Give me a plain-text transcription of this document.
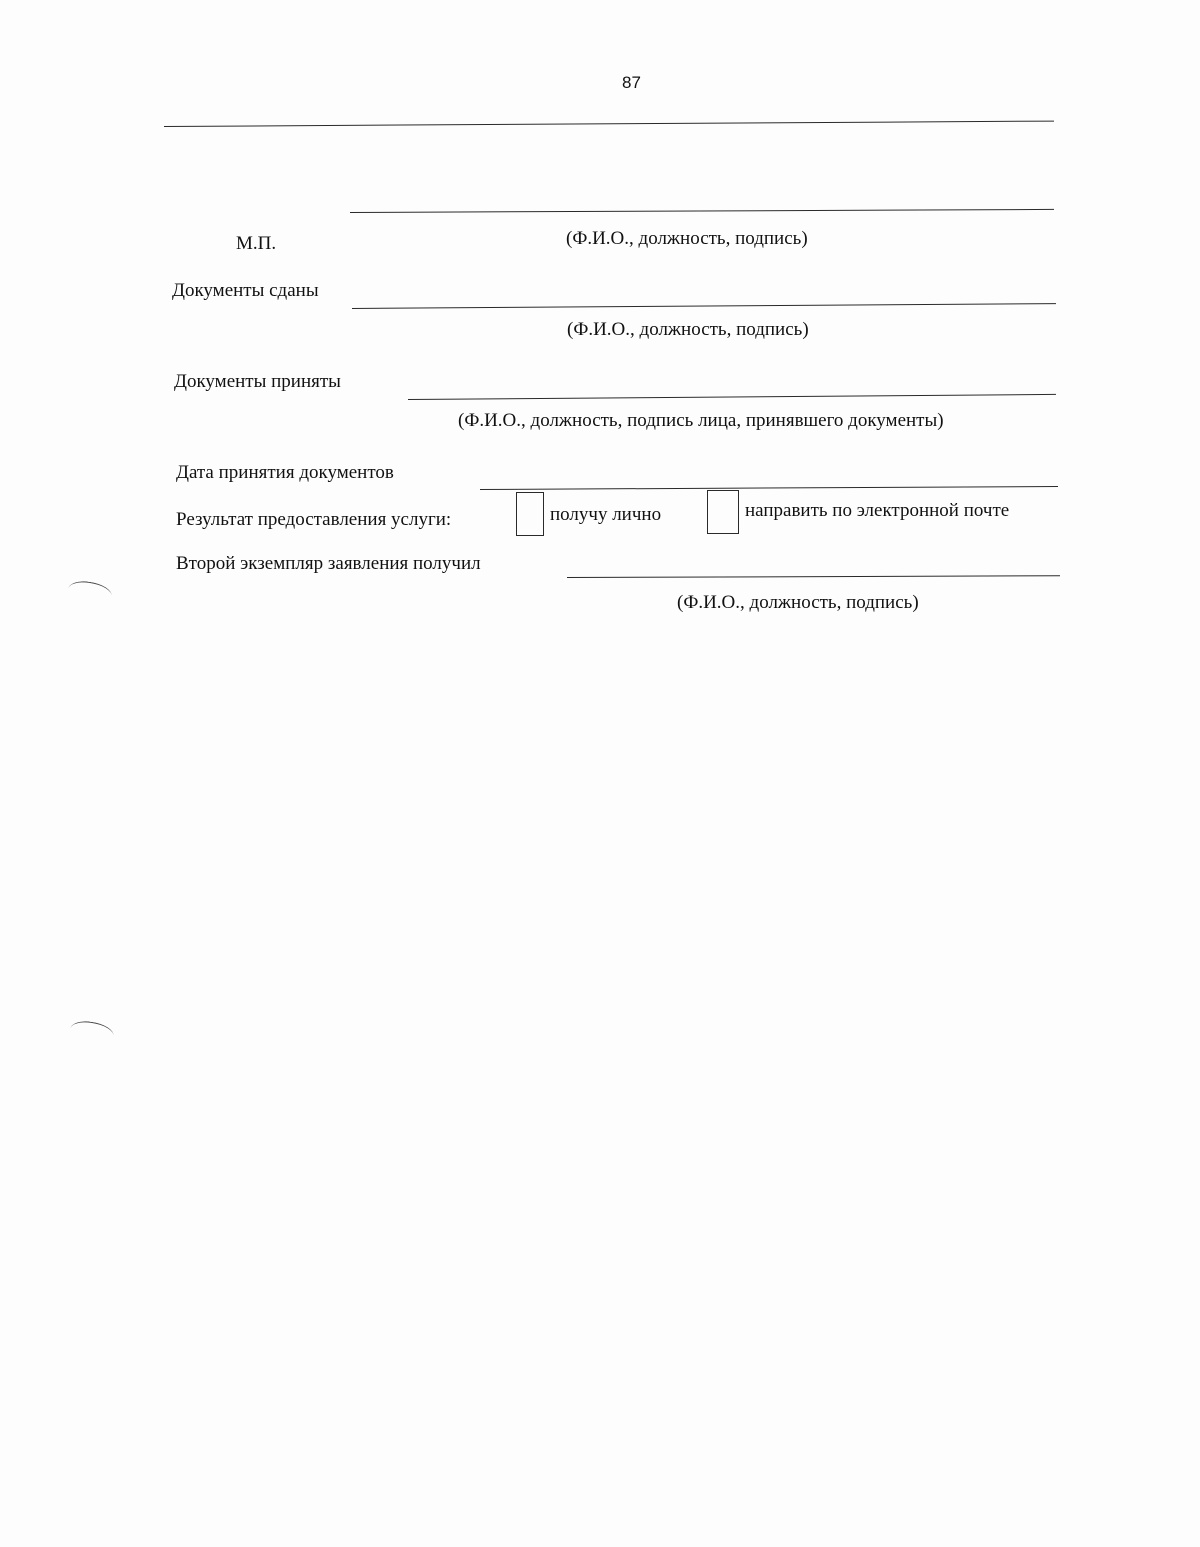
87
М.П.	(Ф.И.О., должность, подпись)
Документы сданы
(Ф.И.О., должность, подпись)
Документы приняты
(Ф.И.О., должность, подпись лица, принявшего документы)
Дата принятия документов
Результат предоставления услуги:	получу лично	направить по электронной почте
Второй экземпляр заявления получил
(Ф.И.О., должность, подпись)
